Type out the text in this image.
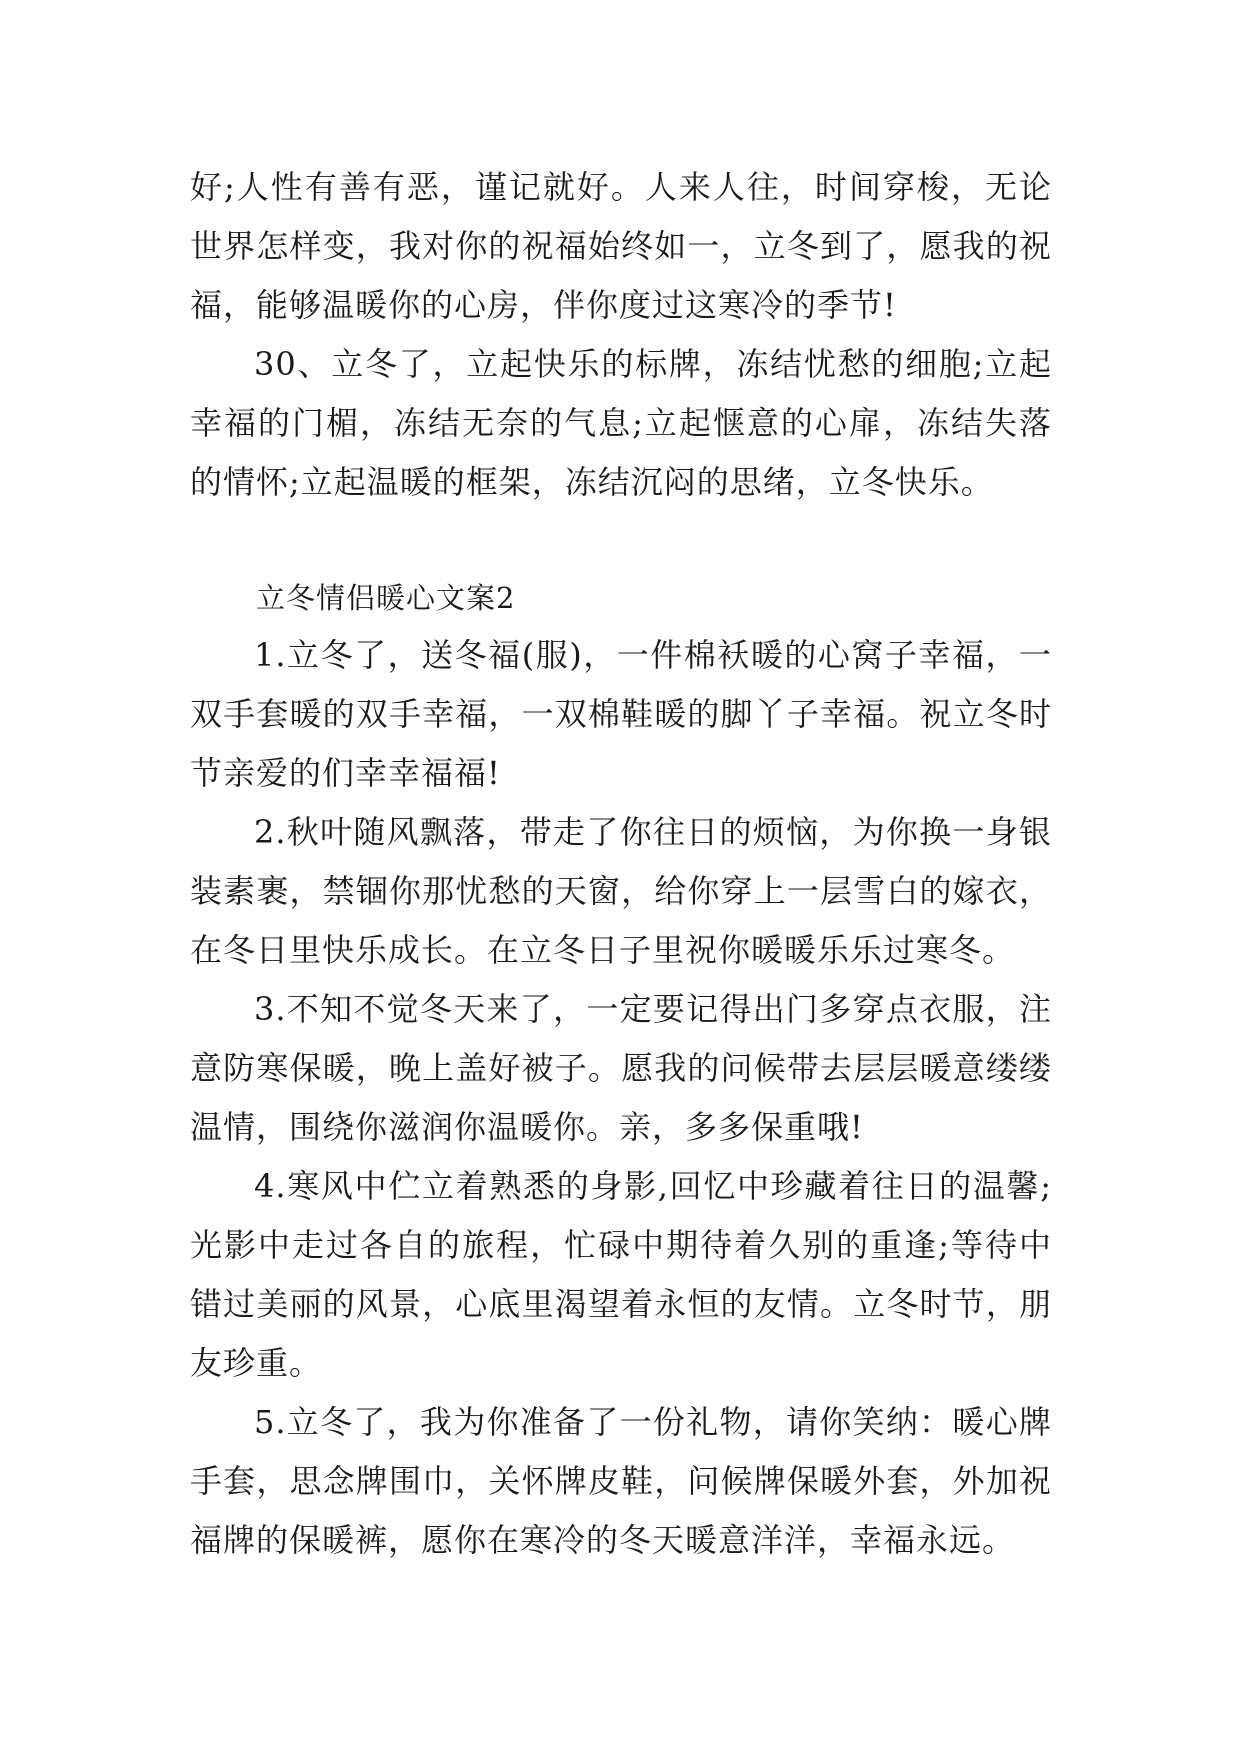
好;人性有善有恶，谨记就好。人来人往，时间穿梭，无论世界怎样变，我对你的祝福始终如一，立冬到了，愿我的祝福，能够温暖你的心房，伴你度过这寒冷的季节!

30、立冬了，立起快乐的标牌，冻结忧愁的细胞;立起幸福的门楣，冻结无奈的气息;立起惬意的心扉，冻结失落的情怀;立起温暖的框架，冻结沉闷的思绪，立冬快乐。

立冬情侣暖心文案2

1.立冬了，送冬福(服)，一件棉袄暖的心窝子幸福，一双手套暖的双手幸福，一双棉鞋暖的脚丫子幸福。祝立冬时节亲爱的们幸幸福福!

2.秋叶随风飘落，带走了你往日的烦恼，为你换一身银装素裹，禁锢你那忧愁的天窗，给你穿上一层雪白的嫁衣，在冬日里快乐成长。在立冬日子里祝你暖暖乐乐过寒冬。

3.不知不觉冬天来了，一定要记得出门多穿点衣服，注意防寒保暖，晚上盖好被子。愿我的问候带去层层暖意缕缕温情，围绕你滋润你温暖你。亲，多多保重哦!

4.寒风中伫立着熟悉的身影,回忆中珍藏着往日的温馨;光影中走过各自的旅程，忙碌中期待着久别的重逢;等待中错过美丽的风景，心底里渴望着永恒的友情。立冬时节，朋友珍重。

5.立冬了，我为你准备了一份礼物，请你笑纳：暖心牌手套，思念牌围巾，关怀牌皮鞋，问候牌保暖外套，外加祝福牌的保暖裤，愿你在寒冷的冬天暖意洋洋，幸福永远。
